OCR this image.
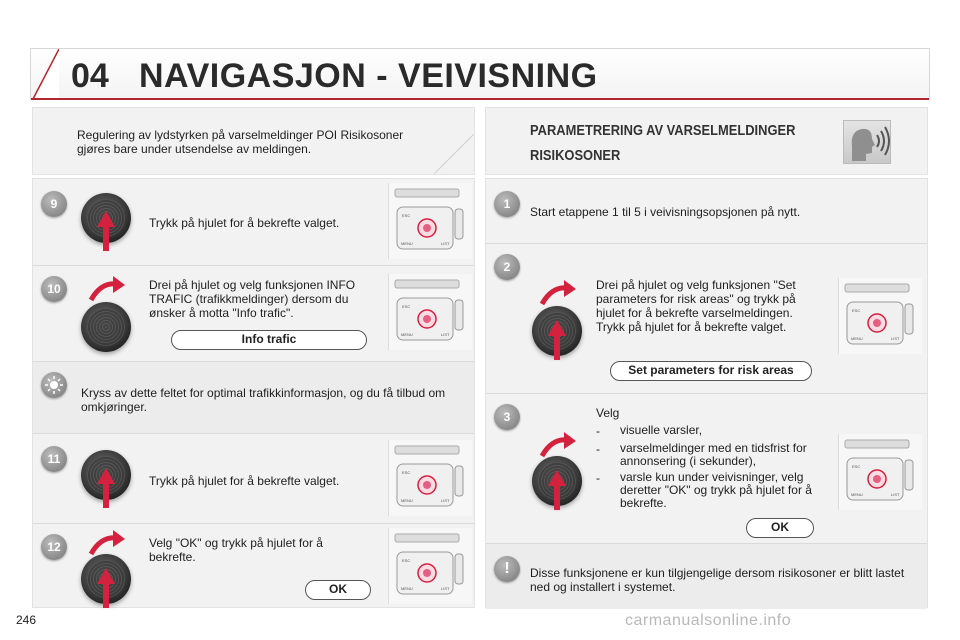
04 NAVIGASJON - VEIVISNING
Regulering av lydstyrken på varselmeldinger POI Risikosoner gjøres bare under utsendelse av meldingen.
9
Trykk på hjulet for å bekrefte valget.
ESC
MENU	LIST
10	Drei på hjulet og velg funksjonen INFO TRAFIC (trafikkmeldinger) dersom du ønsker å motta "Info trafic".
Info trafic
ESC
MENU	LIST
Kryss av dette feltet for optimal trafikkinformasjon, og du få tilbud om omkjøringer.
11
Trykk på hjulet for å bekrefte valget.
ESC
MENU	LIST
12	Velg "OK" og trykk på hjulet for å bekrefte.
OK
ESC
MENU	LIST
PARAMETRERING AV VARSELMELDINGER
RISIKOSONER
1
Start etappene 1 til 5 i veivisningsopsjonen på nytt.
2
Drei på hjulet og velg funksjonen "Set parameters for risk areas" og trykk på hjulet for å bekrefte varselmeldingen. Trykk på hjulet for å bekrefte valget.
Set parameters for risk areas
ESC
MENU	LIST
3	Velg
- visuelle varsler,
- varselmeldinger med en tidsfrist for annonsering (i sekunder),
- varsle kun under veivisninger, velg deretter "OK" og trykk på hjulet for å bekrefte.
OK
ESC
MENU	LIST
!	Disse funksjonene er kun tilgjengelige dersom risikosoner er blitt lastet ned og installert i systemet.
246	carmanualsonline.info
